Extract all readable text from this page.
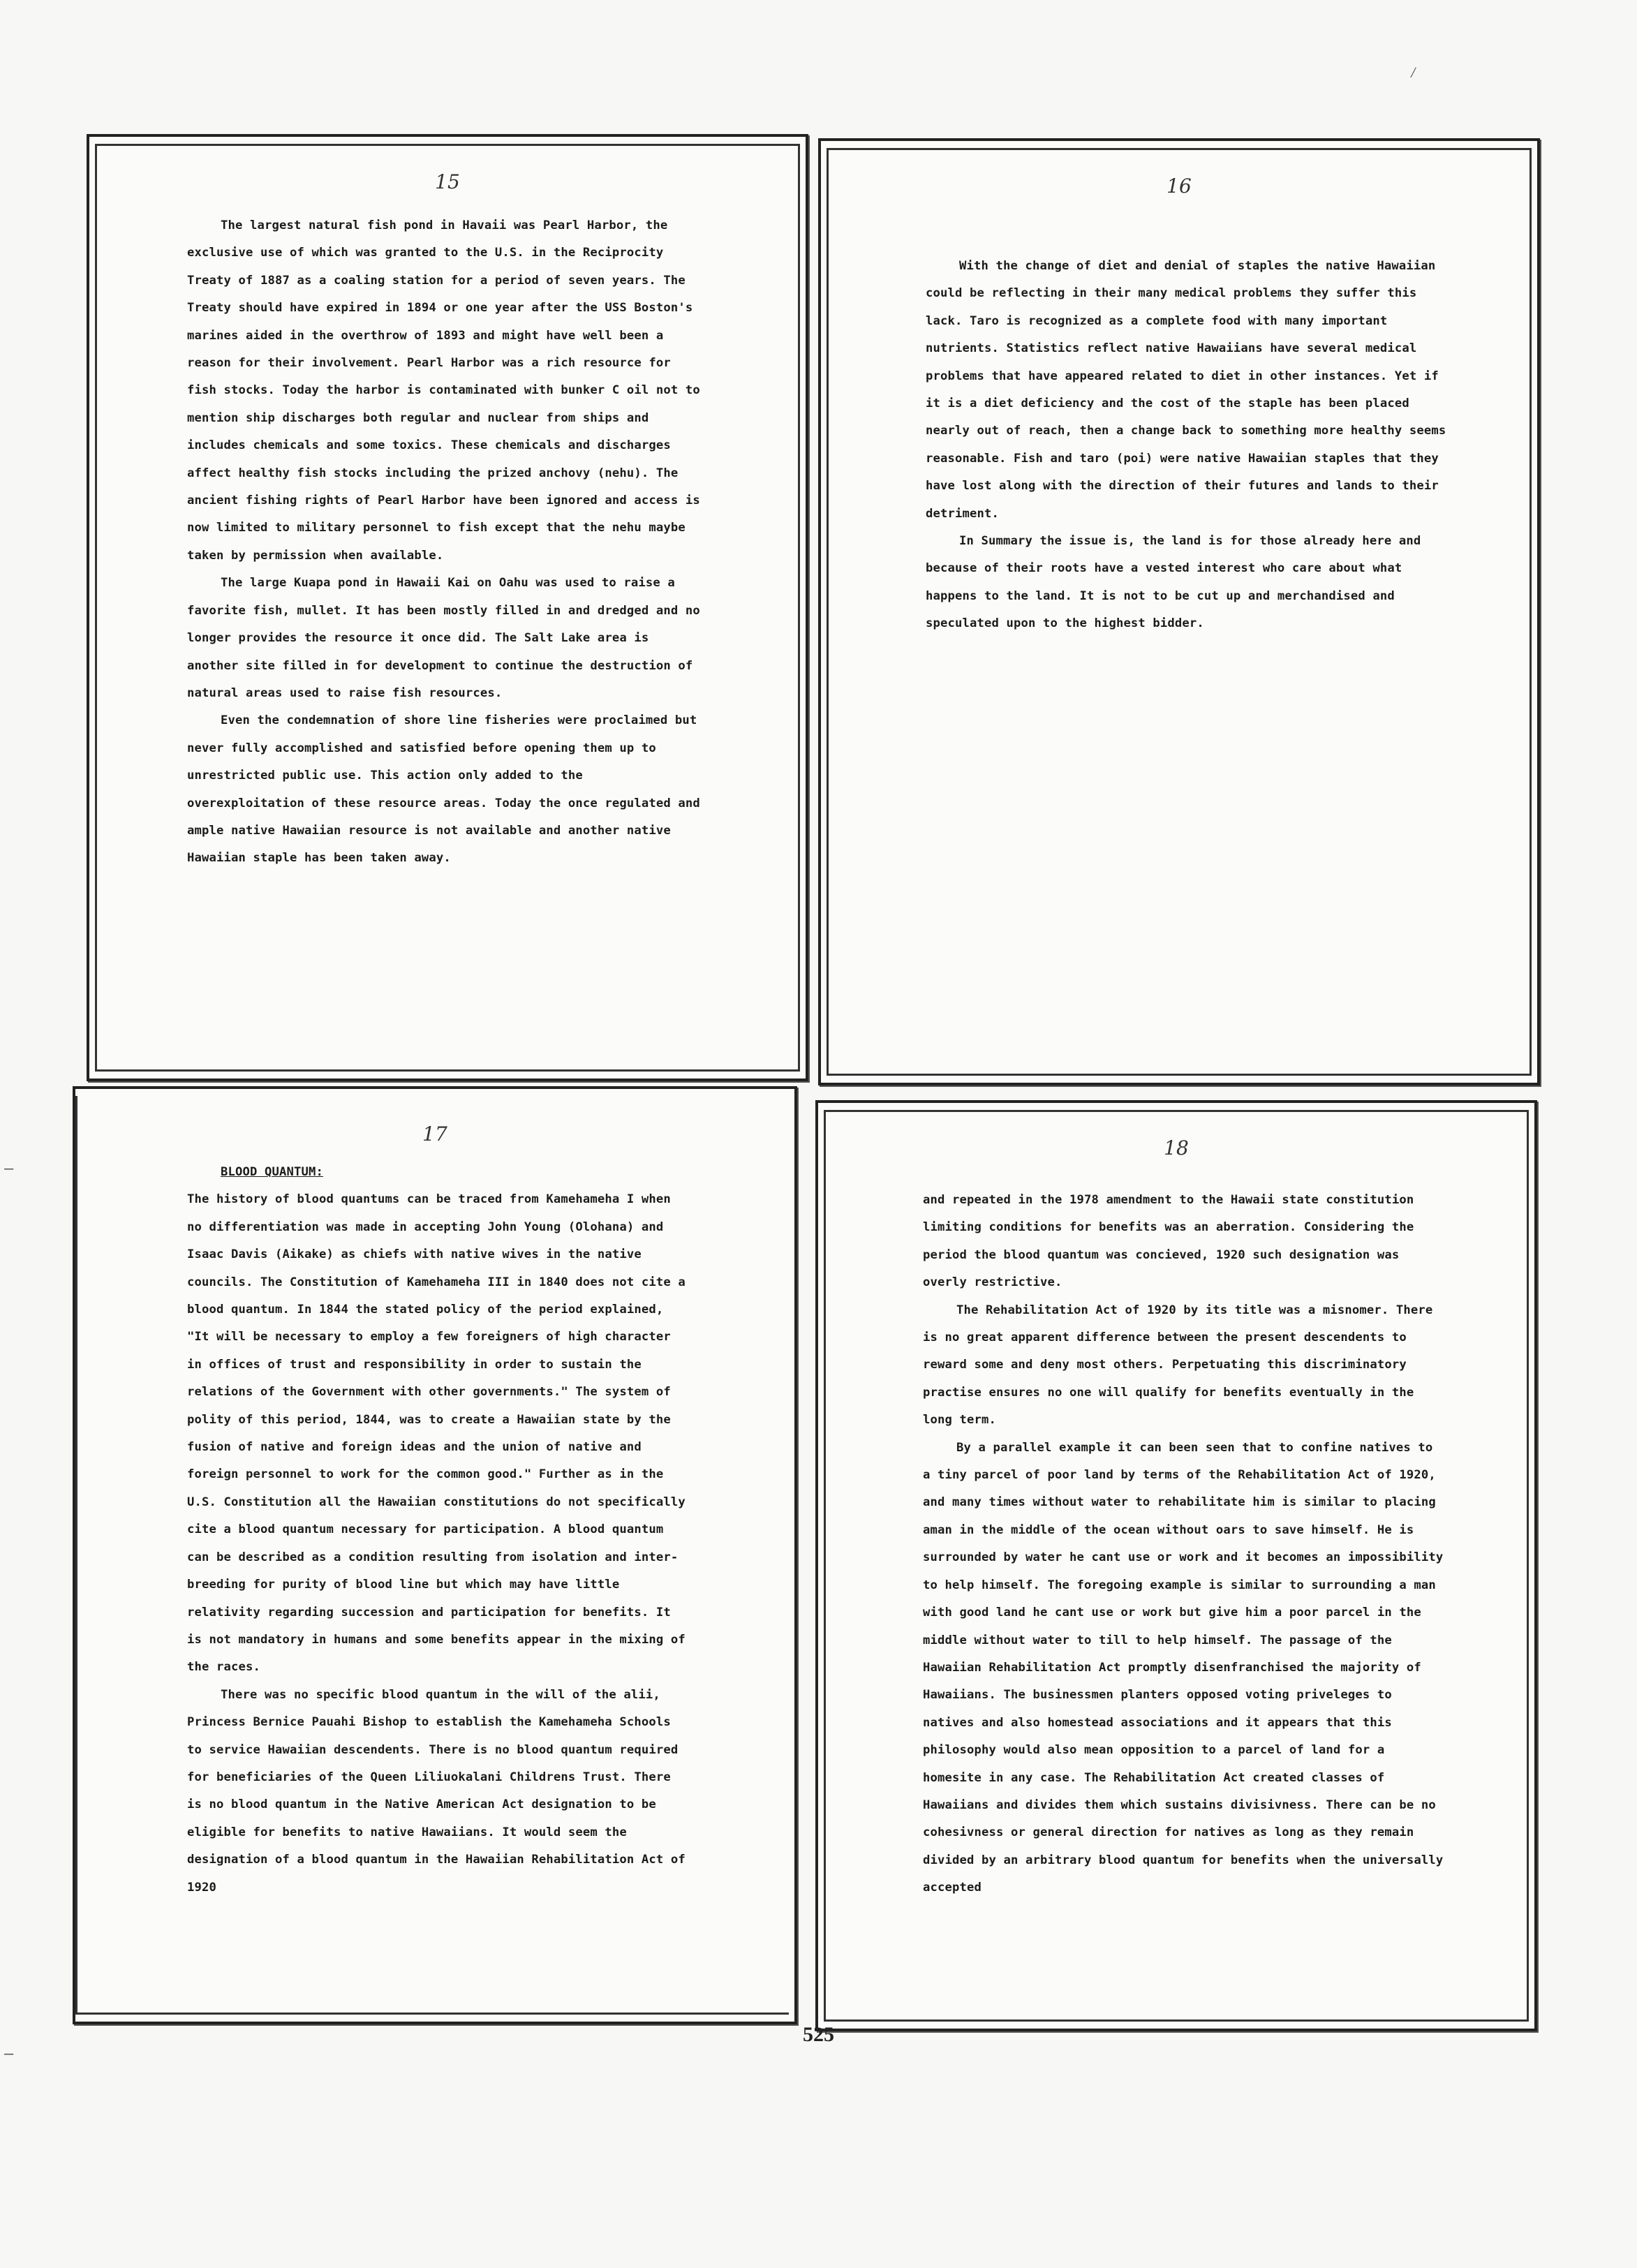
15

The largest natural fish pond in Havaii was Pearl Harbor, the exclusive use of which was granted to the U.S. in the Reciprocity Treaty of 1887 as a coaling station for a period of seven years. The Treaty should have expired in 1894 or one year after the USS Boston's marines aided in the overthrow of 1893 and might have well been a reason for their involvement. Pearl Harbor was a rich resource for fish stocks. Today the harbor is contaminated with bunker C oil not to mention ship discharges both regular and nuclear from ships and includes chemicals and some toxics. These chemicals and discharges affect healthy fish stocks including the prized anchovy (nehu). The ancient fishing rights of Pearl Harbor have been ignored and access is now limited to military personnel to fish except that the nehu maybe taken by permission when available.

The large Kuapa pond in Hawaii Kai on Oahu was used to raise a favorite fish, mullet. It has been mostly filled in and dredged and no longer provides the resource it once did. The Salt Lake area is another site filled in for development to continue the destruction of natural areas used to raise fish resources.

Even the condemnation of shore line fisheries were proclaimed but never fully accomplished and satisfied before opening them up to unrestricted public use. This action only added to the overexploitation of these resource areas. Today the once regulated and ample native Hawaiian resource is not available and another native Hawaiian staple has been taken away.

16

With the change of diet and denial of staples the native Hawaiian could be reflecting in their many medical problems they suffer this lack. Taro is recognized as a complete food with many important nutrients. Statistics reflect native Hawaiians have several medical problems that have appeared related to diet in other instances. Yet if it is a diet deficiency and the cost of the staple has been placed nearly out of reach, then a change back to something more healthy seems reasonable. Fish and taro (poi) were native Hawaiian staples that they have lost along with the direction of their futures and lands to their detriment.

In Summary the issue is, the land is for those already here and because of their roots have a vested interest who care about what happens to the land. It is not to be cut up and merchandised and speculated upon to the highest bidder.

17

BLOOD QUANTUM:

The history of blood quantums can be traced from Kamehameha I when no differentiation was made in accepting John Young (Olohana) and Isaac Davis (Aikake) as chiefs with native wives in the native councils. The Constitution of Kamehameha III in 1840 does not cite a blood quantum. In 1844 the stated policy of the period explained, "It will be necessary to employ a few foreigners of high character in offices of trust and responsibility in order to sustain the relations of the Government with other governments." The system of polity of this period, 1844, was to create a Hawaiian state by the fusion of native and foreign ideas and the union of native and foreign personnel to work for the common good." Further as in the U.S. Constitution all the Hawaiian constitutions do not specifically cite a blood quantum necessary for participation. A blood quantum can be described as a condition resulting from isolation and inter-breeding for purity of blood line but which may have little relativity regarding succession and participation for benefits. It is not mandatory in humans and some benefits appear in the mixing of the races.

There was no specific blood quantum in the will of the alii, Princess Bernice Pauahi Bishop to establish the Kamehameha Schools to service Hawaiian descendents. There is no blood quantum required for beneficiaries of the Queen Liliuokalani Childrens Trust. There is no blood quantum in the Native American Act designation to be eligible for benefits to native Hawaiians. It would seem the designation of a blood quantum in the Hawaiian Rehabilitation Act of 1920

18

and repeated in the 1978 amendment to the Hawaii state constitution limiting conditions for benefits was an aberration. Considering the period the blood quantum was concieved, 1920 such designation was overly restrictive.

The Rehabilitation Act of 1920 by its title was a misnomer. There is no great apparent difference between the present descendents to reward some and deny most others. Perpetuating this discriminatory practise ensures no one will qualify for benefits eventually in the long term.

By a parallel example it can been seen that to confine natives to a tiny parcel of poor land by terms of the Rehabilitation Act of 1920, and many times without water to rehabilitate him is similar to placing aman in the middle of the ocean without oars to save himself. He is surrounded by water he cant use or work and it becomes an impossibility to help himself. The foregoing example is similar to surrounding a man with good land he cant use or work but give him a poor parcel in the middle without water to till to help himself. The passage of the Hawaiian Rehabilitation Act promptly disenfranchised the majority of Hawaiians. The businessmen planters opposed voting priveleges to natives and also homestead associations and it appears that this philosophy would also mean opposition to a parcel of land for a homesite in any case. The Rehabilitation Act created classes of Hawaiians and divides them which sustains divisivness. There can be no cohesivness or general direction for natives as long as they remain divided by an arbitrary blood quantum for benefits when the universally accepted

525
⁄
—
—
